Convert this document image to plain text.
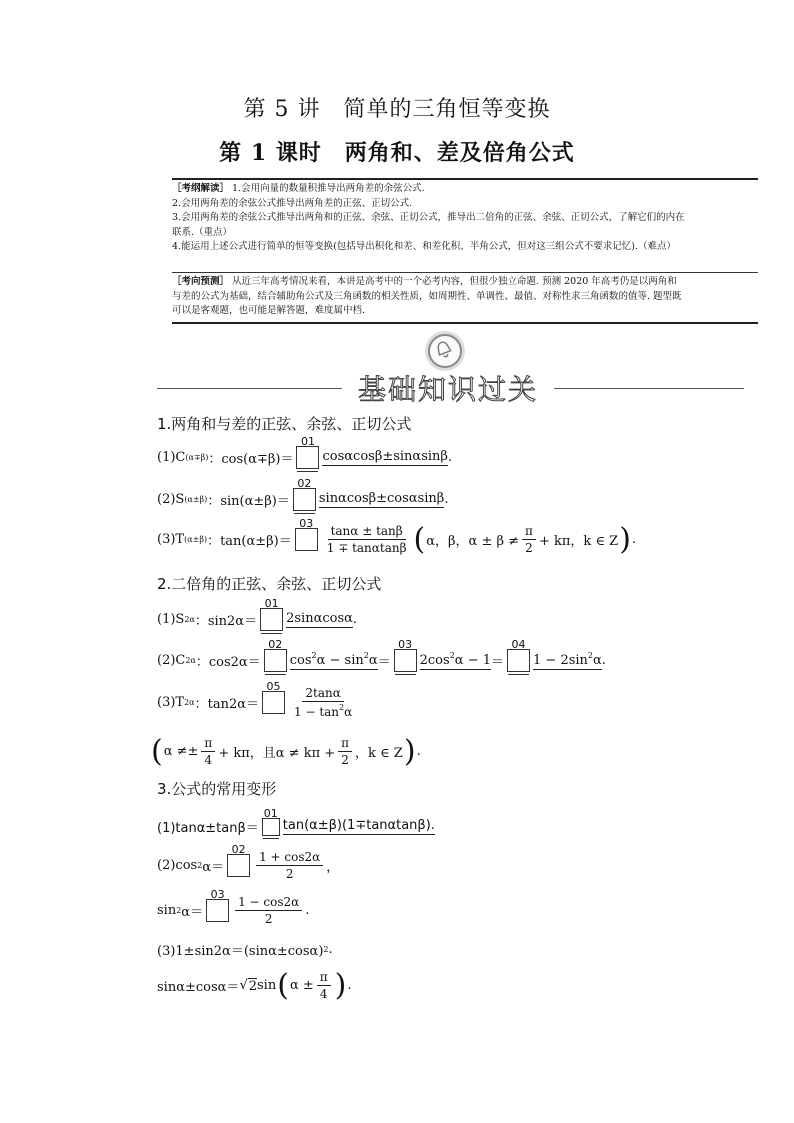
第 5 讲　简单的三角恒等变换
第 1 课时　两角和、差及倍角公式
［考纲解读］ 1.会用向量的数量积推导出两角差的余弦公式.
2.会用两角差的余弦公式推导出两角差的正弦、正切公式.
3.会用两角差的余弦公式推导出两角和的正弦、余弦、正切公式，推导出二倍角的正弦、余弦、正切公式，了解它们的内在
联系.（重点）
4.能运用上述公式进行简单的恒等变换(包括导出积化和差、和差化积、半角公式，但对这三组公式不要求记忆).（难点）
［考向预测］ 从近三年高考情况来看，本讲是高考中的一个必考内容，但很少独立命题. 预测 2020 年高考仍是以两角和
与差的公式为基础，结合辅助角公式及三角函数的相关性质，如周期性、单调性、最值、对称性求三角函数的值等. 题型既
可以是客观题，也可能是解答题，难度属中档.
基础知识过关
1.两角和与差的正弦、余弦、正切公式
(1)C (α∓β) ：cos(α∓β)＝
01
cosαcosβ±sinαsinβ .
(2)S (α±β) ：sin(α±β)＝
02
sinαcosβ±cosαsinβ .
(3)T (α±β) ：tan(α±β)＝
03
$\frac{\tan\alpha \pm \tan\beta}{1 \mp \tan\alpha\tan\beta}$ ( α，β，$\alpha \pm \beta \ne \frac{\pi}{2} + k\pi$，k ∈ Z ) .
2.二倍角的正弦、余弦、正切公式
(1)S 2α ：sin2α＝
01
2sinαcosα .
(2)C 2α ：cos2α＝
02
$\cos^2\alpha - \sin^2\alpha$ ＝
03
$2\cos^2\alpha - 1$ ＝
04
$1 - 2\sin^2\alpha$ .
(3)T 2α ：tan2α＝
$05 \frac{2\tan\alpha}{1 - \tan^2\alpha}$
( $\alpha \ne\pm \frac{\pi}{4} + k\pi$，且$\alpha \ne k\pi + \frac{\pi}{2}$ ，k ∈ Z ) .
3.公式的常用变形
(1)tanα±tanβ＝
01
tan(α±β)(1∓tanαtanβ).
(2)cos 2 α＝
02
$\frac{1 + \cos 2\alpha}{2}$ ，
sin 2 α＝
03
$\frac{1 - \cos 2\alpha}{2}$ .
(3)1±sin2α＝(sinα±cosα) 2 .
sinα±cosα＝ √ 2 sin ( $\alpha \pm \frac{\pi}{4}$ ) .
